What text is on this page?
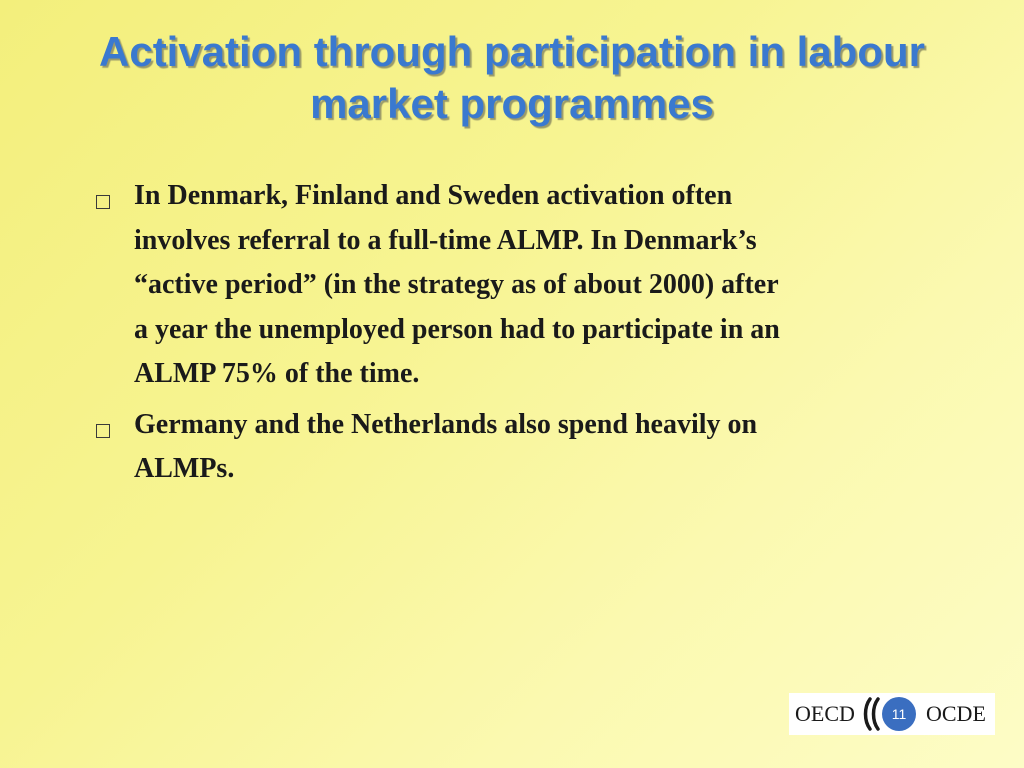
Activation through participation in labour
market programmes
In Denmark, Finland and Sweden activation often
involves referral to a full-time ALMP. In Denmark’s
“active period” (in the strategy as of about 2000) after
a year the unemployed person had to participate in an
ALMP 75% of the time.
Germany and the Netherlands also spend heavily on
ALMPs.
OECD	11 OCDE
